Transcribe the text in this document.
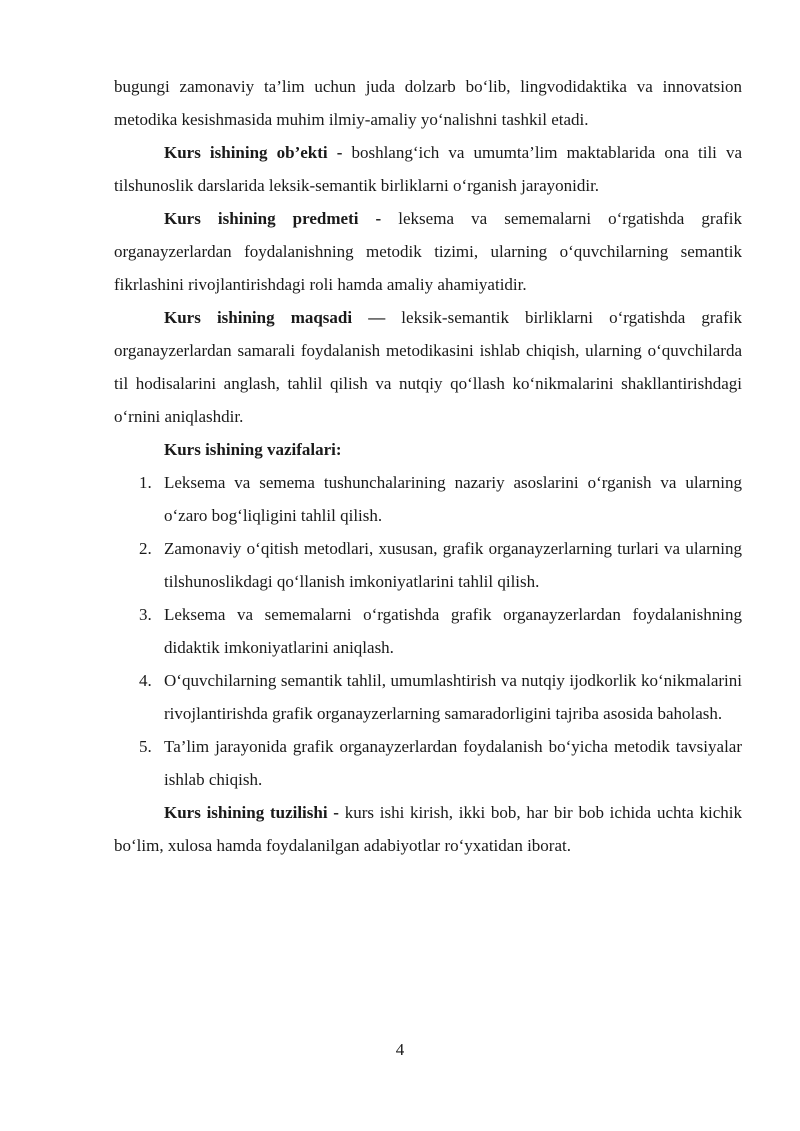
bugungi zamonaviy ta’lim uchun juda dolzarb bo‘lib, lingvodidaktika va innovatsion metodika kesishmasida muhim ilmiy-amaliy yo‘nalishni tashkil etadi.

Kurs ishining ob’ekti - boshlang‘ich va umumta’lim maktablarida ona tili va tilshunoslik darslarida leksik-semantik birliklarni o‘rganish jarayonidir.

Kurs ishining predmeti - leksema va sememalarni o‘rgatishda grafik organayzerlardan foydalanishning metodik tizimi, ularning o‘quvchilarning semantik fikrlashini rivojlantirishdagi roli hamda amaliy ahamiyatidir.

Kurs ishining maqsadi — leksik-semantik birliklarni o‘rgatishda grafik organayzerlardan samarali foydalanish metodikasini ishlab chiqish, ularning o‘quvchilarda til hodisalarini anglash, tahlil qilish va nutqiy qo‘llash ko‘nikmalarini shakllantirishdagi o‘rnini aniqlashdir.

Kurs ishining vazifalari:

1. Leksema va semema tushunchalarining nazariy asoslarini o‘rganish va ularning o‘zaro bog‘liqligini tahlil qilish.
2. Zamonaviy o‘qitish metodlari, xususan, grafik organayzerlarning turlari va ularning tilshunoslikdagi qo‘llanish imkoniyatlarini tahlil qilish.
3. Leksema va sememalarni o‘rgatishda grafik organayzerlardan foydalanishning didaktik imkoniyatlarini aniqlash.
4. O‘quvchilarning semantik tahlil, umumlashtirish va nutqiy ijodkorlik ko‘nikmalarini rivojlantirishda grafik organayzerlarning samaradorligini tajriba asosida baholash.
5. Ta’lim jarayonida grafik organayzerlardan foydalanish bo‘yicha metodik tavsiyalar ishlab chiqish.

Kurs ishining tuzilishi - kurs ishi kirish, ikki bob, har bir bob ichida uchta kichik bo‘lim, xulosa hamda foydalanilgan adabiyotlar ro‘yxatidan iborat.

4
